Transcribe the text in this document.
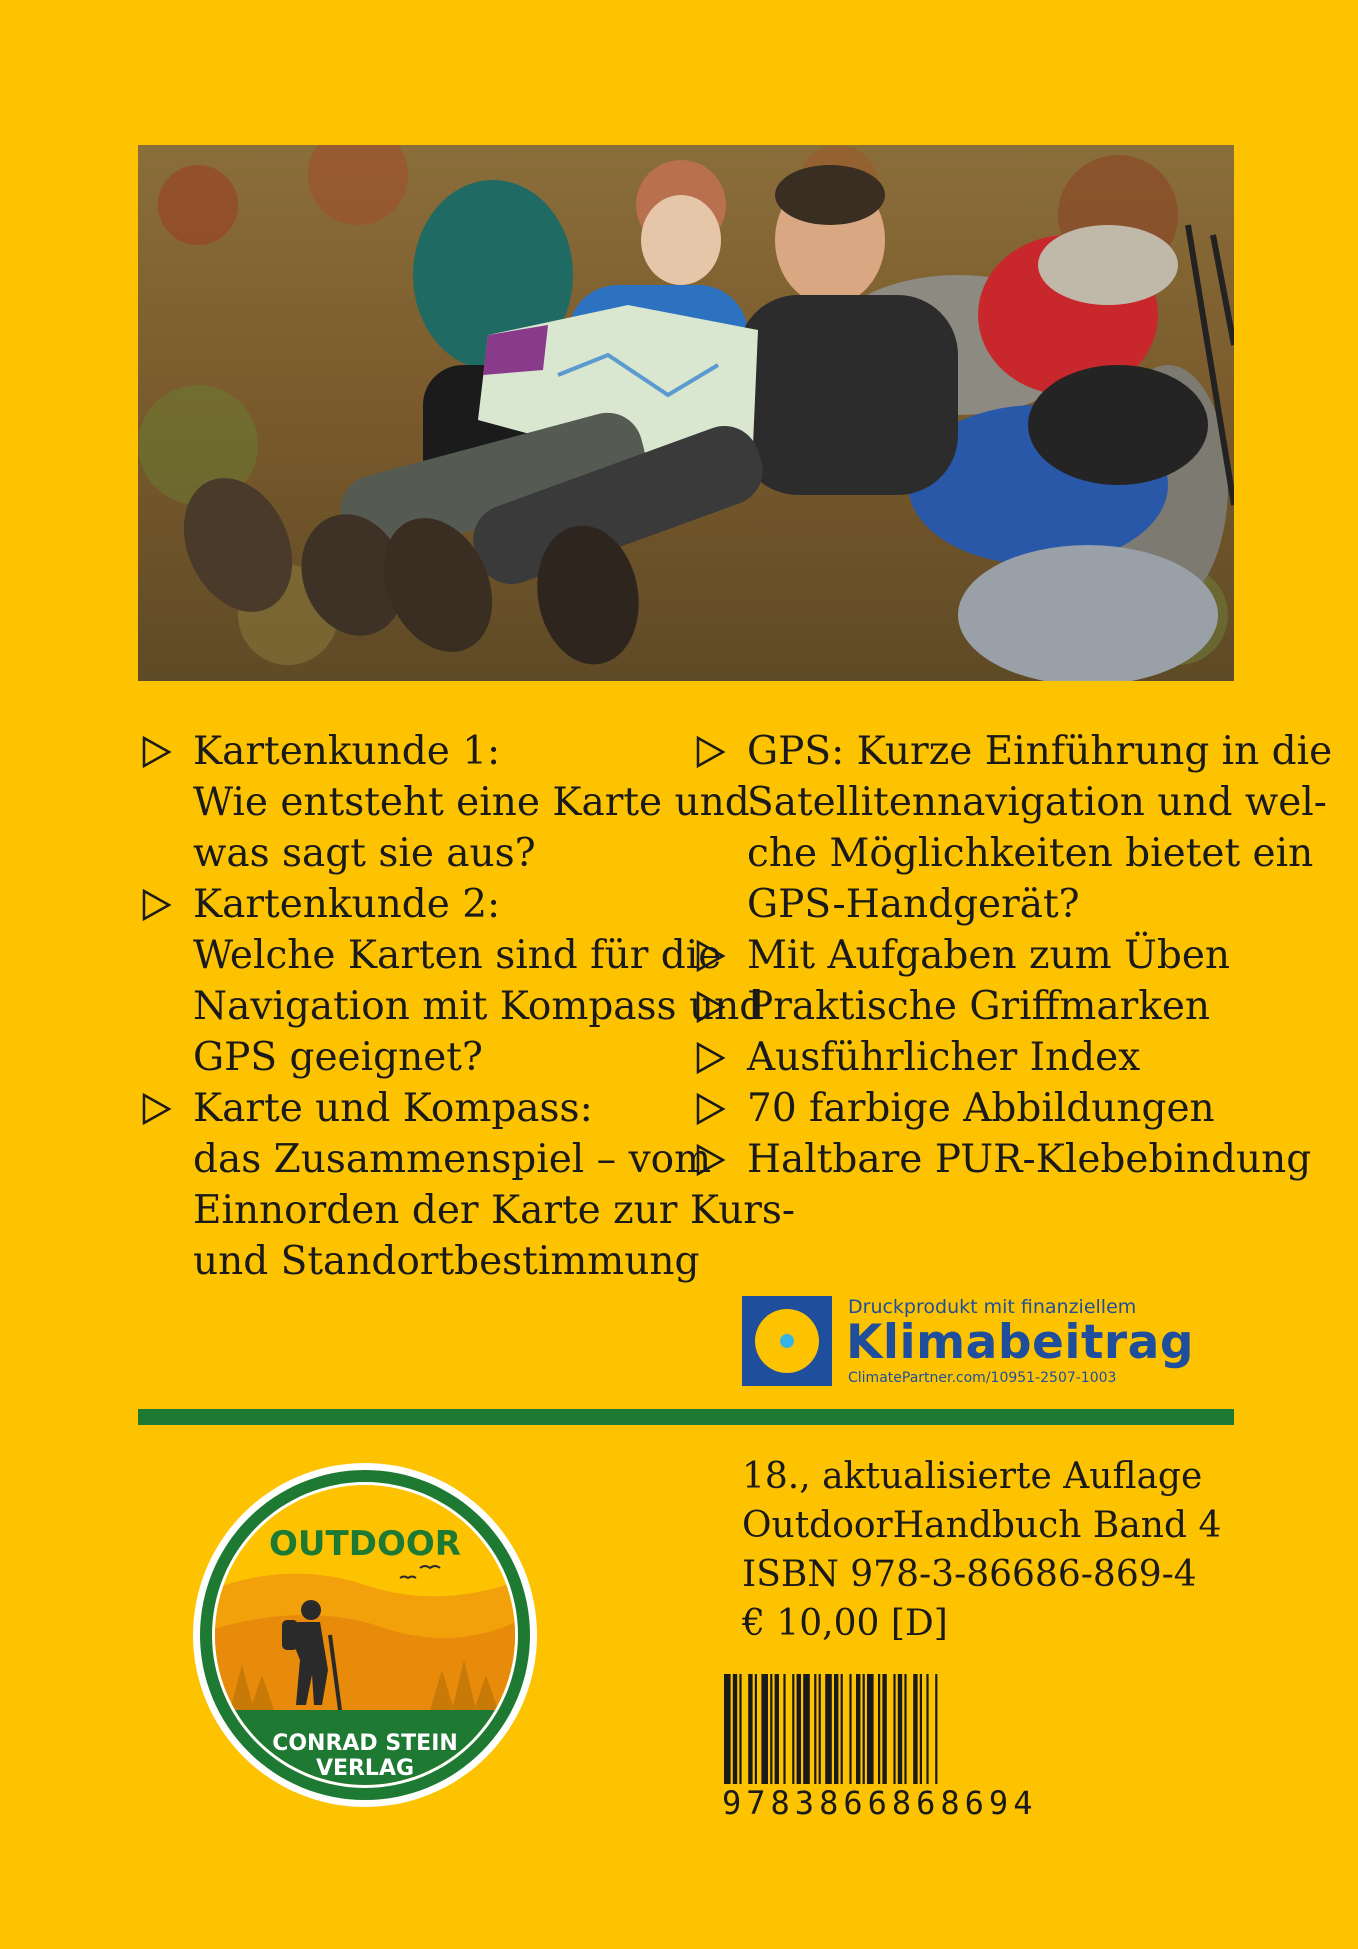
Kartenkunde 1:
Wie entsteht eine Karte und
was sagt sie aus?
Kartenkunde 2:
Welche Karten sind für die
Navigation mit Kompass und
GPS geeignet?
Karte und Kompass:
das Zusammenspiel – vom
Einnorden der Karte zur Kurs-
und Standortbestimmung
GPS: Kurze Einführung in die
Satellitennavigation und wel-
che Möglichkeiten bietet ein
GPS-Handgerät?
Mit Aufgaben zum Üben
Praktische Griffmarken
Ausführlicher Index
70 farbige Abbildungen
Haltbare PUR-Klebebindung
Druckprodukt mit finanziellem
Klimabeitrag
ClimatePartner.com/10951-2507-1003
OUTDOOR
CONRAD STEIN
VERLAG
18., aktualisierte Auflage
OutdoorHandbuch Band 4
ISBN 978-3-86686-869-4
€ 10,00 [D]
9783866868694
